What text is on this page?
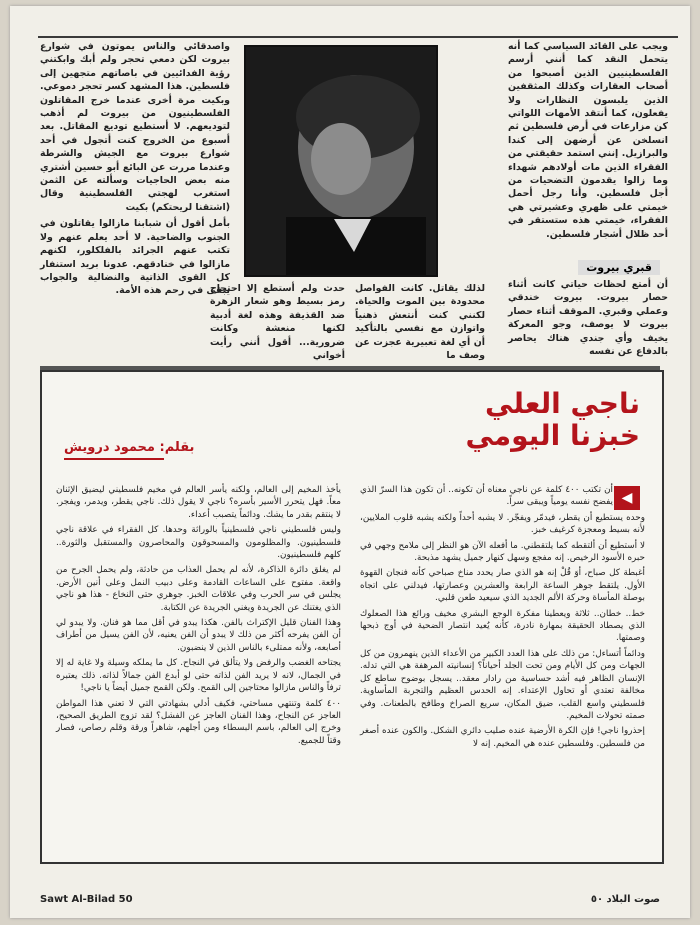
ويجب على القائد السياسي كما أنه يتحمل النقد كما أنني أرسم الفلسطينيين الذين أصبحوا من أصحاب العقارات وكذلك المثقفين الذين يلبسون النظارات ولا يفعلون، كما أنتقد الأمهات اللواتي كن مزارعات في أرض فلسطين ثم انسلخن عن أرضهن إلى كندا والبرازيل. إنني استمد حقيقتي من الفقراء الذين مات أولادهم شهداء وما زالوا يقدمون التضحيات من أجل فلسطين. وأنا رجل أحمل خيمتي على ظهري وعشيرتي هي الفقراء، خيمتي هذه ستستقر في أحد ظلال أشجار فلسطين.

قبري بيروت

أن أمتع لحظات حياتي كانت أثناء حصار بيروت. بيروت خندقي وعملي وقبري. الموقف أثناء حصار بيروت لا يوصف، وجو المعركة يخيف وأي جندي هناك يحاصر بالدفاع عن نفسه

لذلك يقاتل. كانت الفواصل محدودة بين الموت والحياة. لكنني كنت أنتعش ذهنياً واتوازن مع نفسي بالتأكيد أن أي لغة تعبيرية عجزت عن وصف ما

حدث ولم أستطع إلا احتجاج رمز بسيط وهو شعار الزهرة ضد القذيفة وهذه لغة أدبية لكنها منعشة وكانت ضرورية... أقول أنني رأيت أخواني

واصدقائي والناس يموتون في شوارع بيروت لكن دمعي تحجر ولم أبك وابكتني رؤية الفدائيين في باصاتهم متجهين إلى فلسطين. هذا المشهد كسر تحجر دموعي. وبكيت مرة أخرى عندما خرج المقاتلون الفلسطينيون من بيروت لم أذهب لتوديعهم. لا أستطيع توديع المقاتل. بعد أسبوع من الخروج كنت أتجول في أحد شوارع بيروت مع الجيش والشرطة وعندما مررت عن البائع أبو حسين أشتري منه بعض الحاجيات وسألته عن الثمن استغرب لهجتي الفلسطينية وقال (اشتقنا لريحتكم) بكيت

بأمل أقول أن شبابنا مازالوا يقاتلون في الجنوب والضاحية. لا أحد يعلم عنهم ولا تكتب عنهم الجرائد بالفلكلور، لكنهم مازالوا في خنادقهم. عدونا بريد استنفار كل القوى الذاتية والنضالية والجواب يبقى في رحم هذه الأمة.

ناجي العلي
خبزنا اليومي
بقلم: محمود درويش
◀

أن تكتب ٤٠٠ كلمة عن ناجي معناه أن تكونه.. أن تكون هذا السرّ الذي يفضح نفسه يومياً ويبقى سراً.

وحده يستطيع أن يقطر، فيدمّر ويفجّر. لا يشبه أحداً ولكنه يشبه قلوب الملايين، لأنه بسيط ومعجزة كرغيف خبز.

لا أستطيع أن ألتقطه كما يلتقطني. ما أفعله الآن هو النظر إلى ملامح وجهي في حبره الأسود الرخيص. إنه مفجع وسهل كنهار جميل يشهد مذبحة.

أغبطة كل صباح، أوَ قُلْ إنه هو الذي صار يحدد مناخ صباحي كأنه فنجان القهوة الأول. يلتقط جوهر الساعة الرابعة والعشرين وعصارتها، فيدلني على اتجاه بوصلة المأساة وحركة الألم الجديد الذي سيعيد طعن قلبي.

خط.. خطان.. ثلاثة ويعطينا مفكرة الوجع البشري مخيف ورائع هذا الصعلوك الذي يصطاد الحقيقة بمهارة نادرة، كأنه يُعيد انتصار الضحية في أوج ذبحها وصمتها.

ودائماً أتساءل: من ذلك على هذا العدد الكبير من الأعداء الذين ينهمرون من كل الجهات ومن كل الأيام ومن تحت الجلد أحياناً؟ إنسانيته المرهفة هي التي تدله. الإنسان الظاهر فيه أشد حساسية من رادار معقد.. يسجل بوضوح ساطع كل مخالفة تعتدي أو تحاول الإعتداء. إنه الحدس العظيم والتجربة المأساوية. فلسطيني واسع القلب، ضيق المكان، سريع الصراخ وطافح بالطعنات. وفي صمته تحولات المخيم.

إحذروا ناجي! فإن الكرة الأرضية عنده صليب دائري الشكل. والكون عنده أصغر من فلسطين. وفلسطين عنده هي المخيم. إنه لا

يأخذ المخيم إلى العالم، ولكنه يأسر العالم في مخيم فلسطيني ليضيق الإثنان معاً. فهل يتحرر الأسير بأسره؟ ناجي لا يقول ذلك. ناجي يقطر، ويدمر، ويفجر. لا ينتقم بقدر ما يشك. ودائماً يتصبب أعداء.

وليس فلسطيني ناجي فلسطينياً بالوراثة وحدها. كل الفقراء في علاقة ناجي فلسطينيون. والمظلومون والمسحوقون والمحاصرون والمستقبل والثورة.. كلهم فلسطينيون.

لم يغلق دائرة الذاكرة، لأنه لم يحمل العذاب من حادثة، ولم يحمل الجرح من واقعة. مفتوح على الساعات القادمة وعلى دبيب النمل وعلى أنين الأرض. يجلس في سر الحرب وفي علاقات الخبز. جوهري حتى النخاع - هذا هو ناجي الذي يغتنك عن الجريدة ويغني الجريدة عن الكتابة.

وهذا الفنان قليل الإكتراث بالفن. هكذا يبدو في أقل مما هو فنان. ولا يبدو لي أن الفن يفرحه أكثر من ذلك لا يبدو أن الفن يعنيه، لأن الفن يسيل من أطراف أصابعه، ولأنه ممتلىء بالناس الذين لا ينضبون.

يجتاحه الغضب والرفض ولا يتألق في النجاح. كل ما يملكه وسيلة ولا غاية له إلا في الجمال، لانه لا يريد الفن لذاته حتى لو أبدع الفن جمالاً لذاته. ذلك يعتبره ترفاً والناس مازالوا محتاجين إلى القمح. ولكن القمح جميل أيضاً يا ناجي!

٤٠٠ كلمة وتنتهي مساحتي، فكيف أدلي بشهادتي التي لا تعني هذا المواطن العاجز عن النجاح، وهذا الفنان العاجز عن الفشل؟ لقد تزوج الطريق الصحيح، وخرج إلى العالم، باسم البسطاء ومن أجلهم، شاهراً ورقة وقلم رصاص، فصار وقتاً للجميع.

Sawt Al-Bilad 50	صوت البلاد ٥٠
